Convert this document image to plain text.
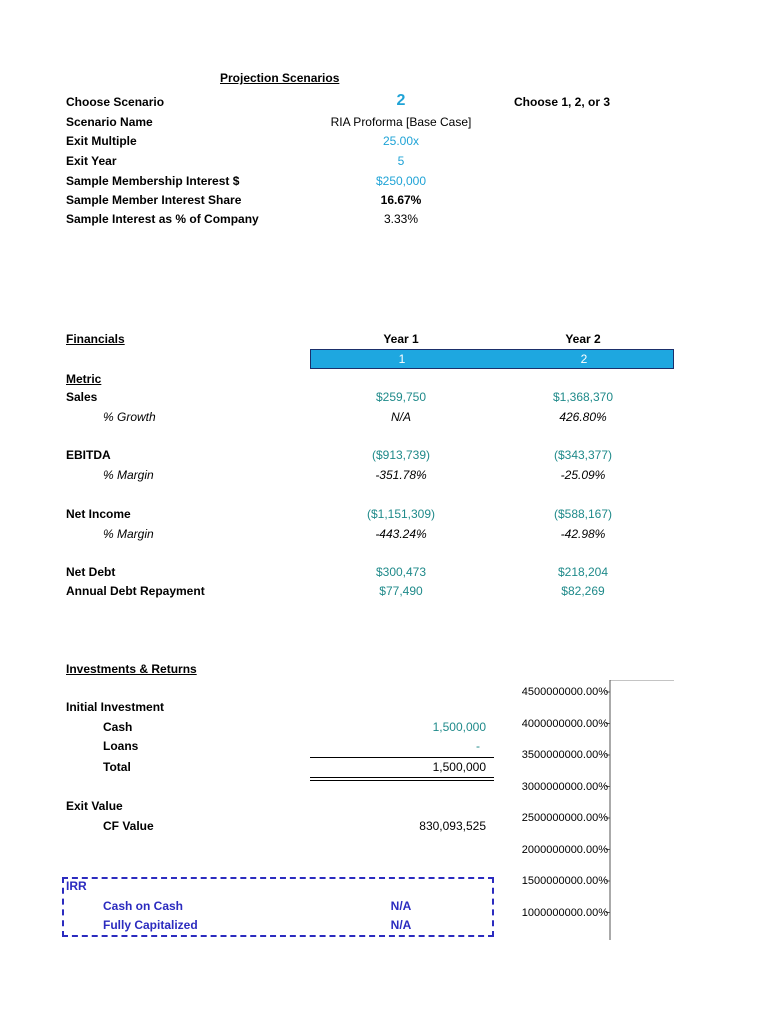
Projection Scenarios
Choose Scenario	2	Choose 1, 2, or 3
Scenario Name	RIA Proforma [Base Case]
Exit Multiple	25.00x
Exit Year	5
Sample Membership Interest $	$250,000
Sample Member Interest Share	16.67%
Sample Interest as % of Company	3.33%
Financials	Year 1	Year 2
1	2
Metric
Sales	$259,750	$1,368,370
% Growth	N/A	426.80%
EBITDA	($913,739)	($343,377)
% Margin	-351.78%	-25.09%
Net Income	($1,151,309)	($588,167)
% Margin	-443.24%	-42.98%
Net Debt	$300,473	$218,204
Annual Debt Repayment	$77,490	$82,269
Investments & Returns
Initial Investment
Cash	1,500,000
Loans	-
Total	1,500,000
Exit Value
CF Value	830,093,525
IRR
Cash on Cash	N/A
Fully Capitalized	N/A
4500000000.00%
4000000000.00%
3500000000.00%
3000000000.00%
2500000000.00%
2000000000.00%
1500000000.00%
1000000000.00%
